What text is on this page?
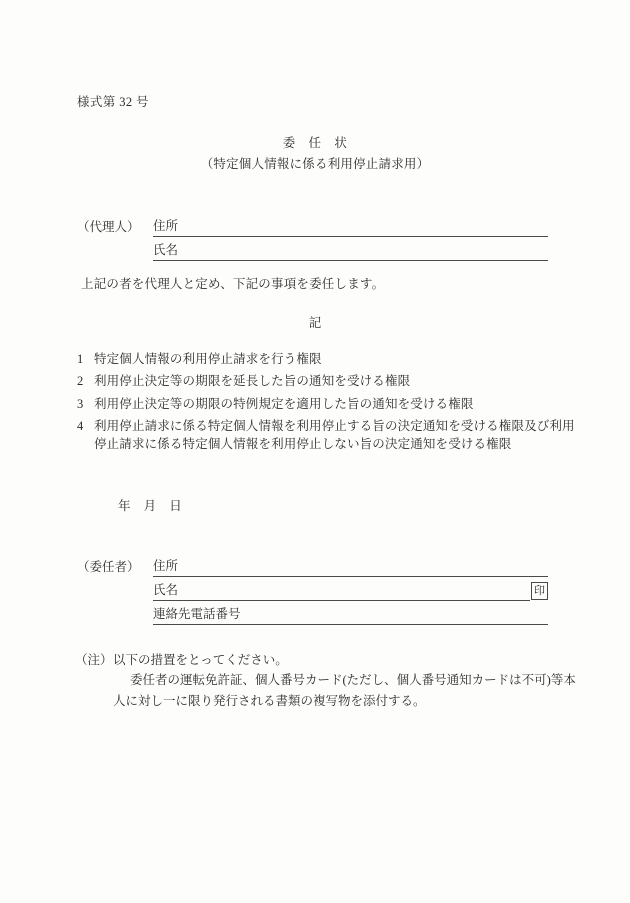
様式第 32 号
委　任　状
（特定個人情報に係る利用停止請求用）
（代理人）	住所
氏名
上記の者を代理人と定め、下記の事項を委任します。
記
1 特定個人情報の利用停止請求を行う権限
2 利用停止決定等の期限を延長した旨の通知を受ける権限
3 利用停止決定等の期限の特例規定を適用した旨の通知を受ける権限
4 利用停止請求に係る特定個人情報を利用停止する旨の決定通知を受ける権限及び利用
停止請求に係る特定個人情報を利用停止しない旨の決定通知を受ける権限
年　月　日
（委任者）	住所
氏名	印
連絡先電話番号
（注） 以下の措置をとってください。
委任者の運転免許証、個人番号カード(ただし、個人番号通知カードは不可)等本
人に対し一に限り発行される書類の複写物を添付する。
